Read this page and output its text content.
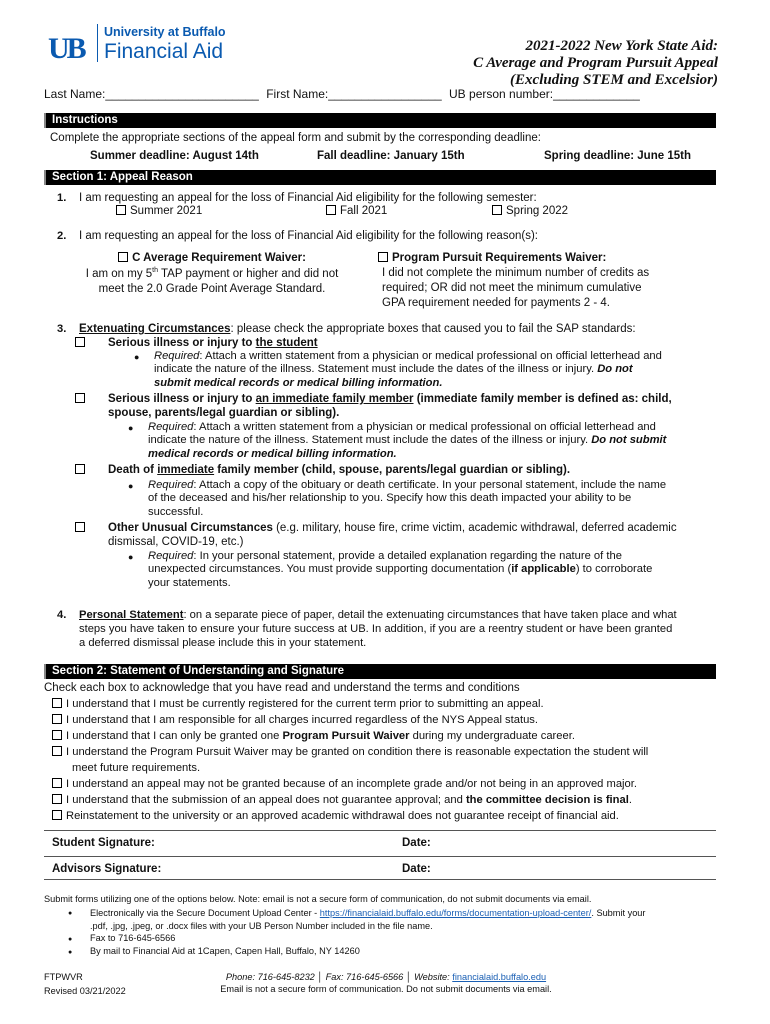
UB University at Buffalo
Financial Aid	2021-2022 New York State Aid:
C Average and Program Pursuit Appeal
(Excluding STEM and Excelsior)
Last Name:_______________________ First Name:_________________ UB person number:_____________
Instructions
Complete the appropriate sections of the appeal form and submit by the corresponding deadline:
Summer deadline: August 14th	Fall deadline: January 15th	Spring deadline: June 15th
Section 1: Appeal Reason
1. I am requesting an appeal for the loss of Financial Aid eligibility for the following semester:
Summer 2021	Fall 2021	Spring 2022
2. I am requesting an appeal for the loss of Financial Aid eligibility for the following reason(s):
C Average Requirement Waiver:
I am on my 5th TAP payment or higher and did not
meet the 2.0 Grade Point Average Standard.
Program Pursuit Requirements Waiver:
I did not complete the minimum number of credits as
required; OR did not meet the minimum cumulative
GPA requirement needed for payments 2 - 4.
3. Extenuating Circumstances: please check the appropriate boxes that caused you to fail the SAP standards:
Serious illness or injury to the student
● Required: Attach a written statement from a physician or medical professional on official letterhead and
indicate the nature of the illness. Statement must include the dates of the illness or injury. Do not
submit medical records or medical billing information.
Serious illness or injury to an immediate family member (immediate family member is defined as: child,
spouse, parents/legal guardian or sibling).
● Required: Attach a written statement from a physician or medical professional on official letterhead and
indicate the nature of the illness. Statement must include the dates of the illness or injury. Do not submit
medical records or medical billing information.
Death of immediate family member (child, spouse, parents/legal guardian or sibling).
● Required: Attach a copy of the obituary or death certificate. In your personal statement, include the name
of the deceased and his/her relationship to you. Specify how this death impacted your ability to be
successful.
Other Unusual Circumstances (e.g. military, house fire, crime victim, academic withdrawal, deferred academic
dismissal, COVID-19, etc.)
● Required: In your personal statement, provide a detailed explanation regarding the nature of the
unexpected circumstances. You must provide supporting documentation (if applicable) to corroborate
your statements.
4. Personal Statement: on a separate piece of paper, detail the extenuating circumstances that have taken place and what
steps you have taken to ensure your future success at UB. In addition, if you are a reentry student or have been granted
a deferred dismissal please include this in your statement.
Section 2: Statement of Understanding and Signature
Check each box to acknowledge that you have read and understand the terms and conditions
I understand that I must be currently registered for the current term prior to submitting an appeal.
I understand that I am responsible for all charges incurred regardless of the NYS Appeal status.
I understand that I can only be granted one Program Pursuit Waiver during my undergraduate career.
I understand the Program Pursuit Waiver may be granted on condition there is reasonable expectation the student will
meet future requirements.
I understand an appeal may not be granted because of an incomplete grade and/or not being in an approved major.
I understand that the submission of an appeal does not guarantee approval; and the committee decision is final.
Reinstatement to the university or an approved academic withdrawal does not guarantee receipt of financial aid.
Student Signature:	Date:
Advisors Signature:	Date:
Submit forms utilizing one of the options below. Note: email is not a secure form of communication, do not submit documents via email.
● Electronically via the Secure Document Upload Center - https://financialaid.buffalo.edu/forms/documentation-upload-center/. Submit your
.pdf, .jpg, .jpeg, or .docx files with your UB Person Number included in the file name.
● Fax to 716-645-6566
● By mail to Financial Aid at 1Capen, Capen Hall, Buffalo, NY 14260
FTPWVR
Revised 03/21/2022
Phone: 716-645-8232 │ Fax: 716-645-6566 │ Website: financialaid.buffalo.edu
Email is not a secure form of communication. Do not submit documents via email.
